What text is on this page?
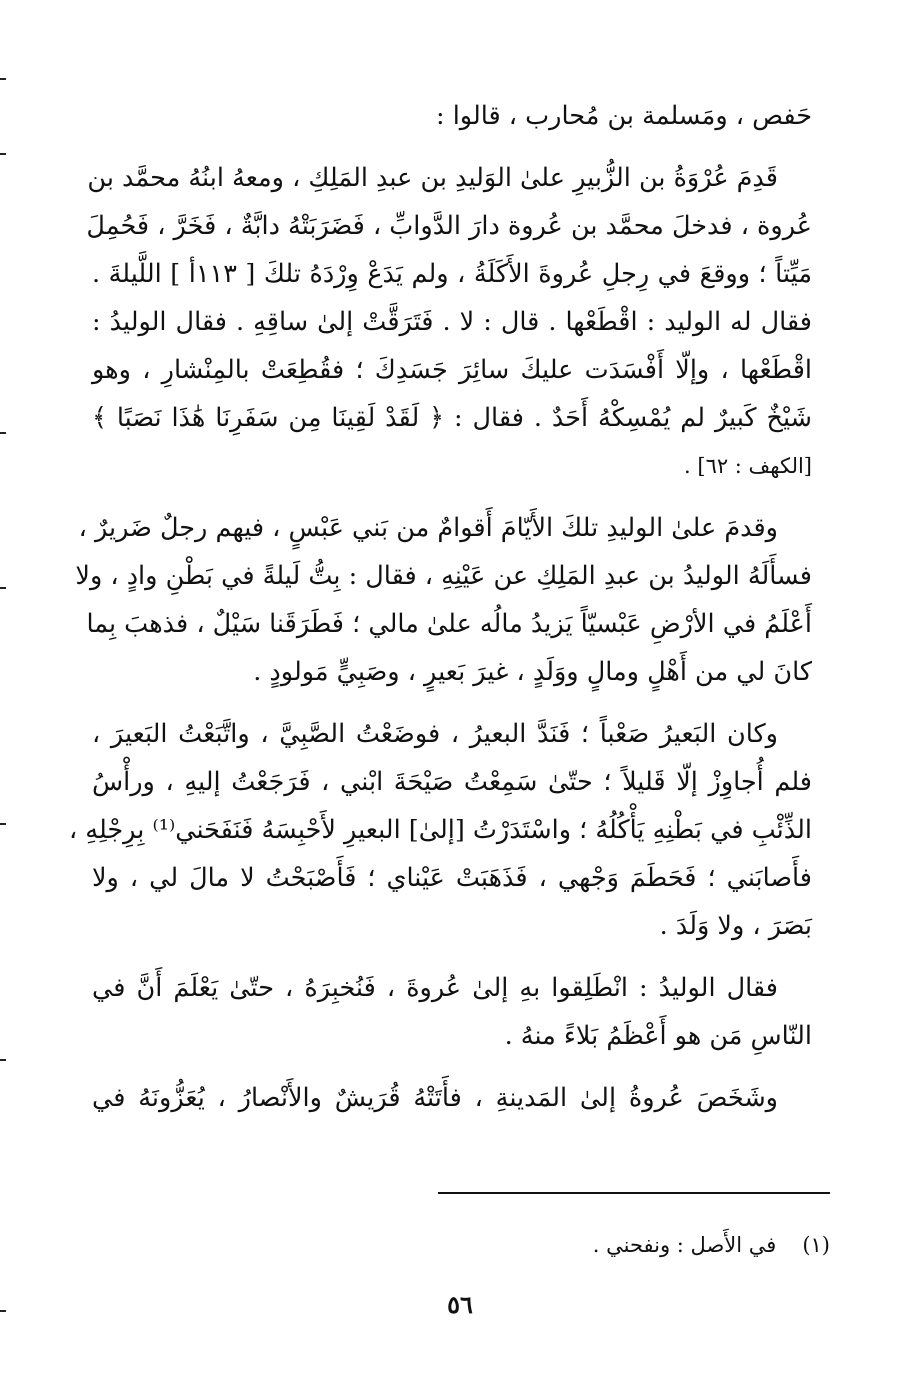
حَفص ، ومَسلمة بن مُحارب ، قالوا :

قَدِمَ عُرْوَةُ بن الزُّبيرِ علىٰ الوَليدِ بن عبدِ المَلِكِ ، ومعهُ ابنُهُ محمَّد بن
عُروة ، فدخلَ محمَّد بن عُروة دارَ الدَّوابِّ ، فَضَرَبَتْهُ دابَّةٌ ، فَخَرَّ ، فَحُمِلَ
مَيِّتاً ؛ ووقعَ في رِجلِ عُروةَ الأَكَلَةُ ، ولم يَدَعْ وِرْدَهُ تلكَ [ ١١٣أ ] اللَّيلةَ .
فقال له الوليد : اقْطَعْها . قال : لا . فَتَرَقَّتْ إلىٰ ساقِهِ . فقال الوليدُ :
اقْطَعْها ، وإلّا أَفْسَدَت عليكَ سائِرَ جَسَدِكَ ؛ فقُطِعَتْ بالمِنْشارِ ، وهو
شَيْخٌ كَبيرٌ لم يُمْسِكْهُ أَحَدٌ . فقال : ﴿ لَقَدْ لَقِينَا مِن سَفَرِنَا هَٰذَا نَصَبًا ﴾
[الكهف : ٦٢] .

وقدمَ علىٰ الوليدِ تلكَ الأَيّامَ أَقوامٌ من بَني عَبْسٍ ، فيهم رجلٌ ضَريرٌ ،
فسأَلَهُ الوليدُ بن عبدِ المَلِكِ عن عَيْنِهِ ، فقال : بِتُّ لَيلةً في بَطْنِ وادٍ ، ولا
أَعْلَمُ في الأرْضِ عَبْسيّاً يَزيدُ مالُه علىٰ مالي ؛ فَطَرَقَنا سَيْلٌ ، فذهبَ بِما
كانَ لي من أَهْلٍ ومالٍ ووَلَدٍ ، غيرَ بَعيرٍ ، وصَبِيٍّ مَولودٍ .

وكان البَعيرُ صَعْباً ؛ فَنَدَّ البعيرُ ، فوضَعْتُ الصَّبِيَّ ، واتَّبَعْتُ البَعيرَ ،
فلم أُجاوِزْ إلّا قَليلاً ؛ حتّىٰ سَمِعْتُ صَيْحَةَ ابْني ، فَرَجَعْتُ إليهِ ، ورأْسُ
الذِّئْبِ في بَطْنِهِ يَأْكُلُهُ ؛ واسْتَدَرْتُ [إلىٰ] البعيرِ لأَحْبِسَهُ فَنَفَحَني⁽¹⁾ بِرِجْلِهِ ،
فأَصابَني ؛ فَحَطَمَ وَجْهي ، فَذَهَبَتْ عَيْناي ؛ فَأَصْبَحْتُ لا مالَ لي ، ولا
بَصَرَ ، ولا وَلَدَ .

فقال الوليدُ : انْطَلِقوا بهِ إلىٰ عُروةَ ، فَنُخبِرَهُ ، حتّىٰ يَعْلَمَ أَنَّ في
النّاسِ مَن هو أَعْظَمُ بَلاءً منهُ .

وشَخَصَ عُروةُ إلىٰ المَدينةِ ، فأَتَتْهُ قُرَيشٌ والأَنْصارُ ، يُعَزُّونَهُ في

(١)في الأَصل : ونفحني .
٥٦
